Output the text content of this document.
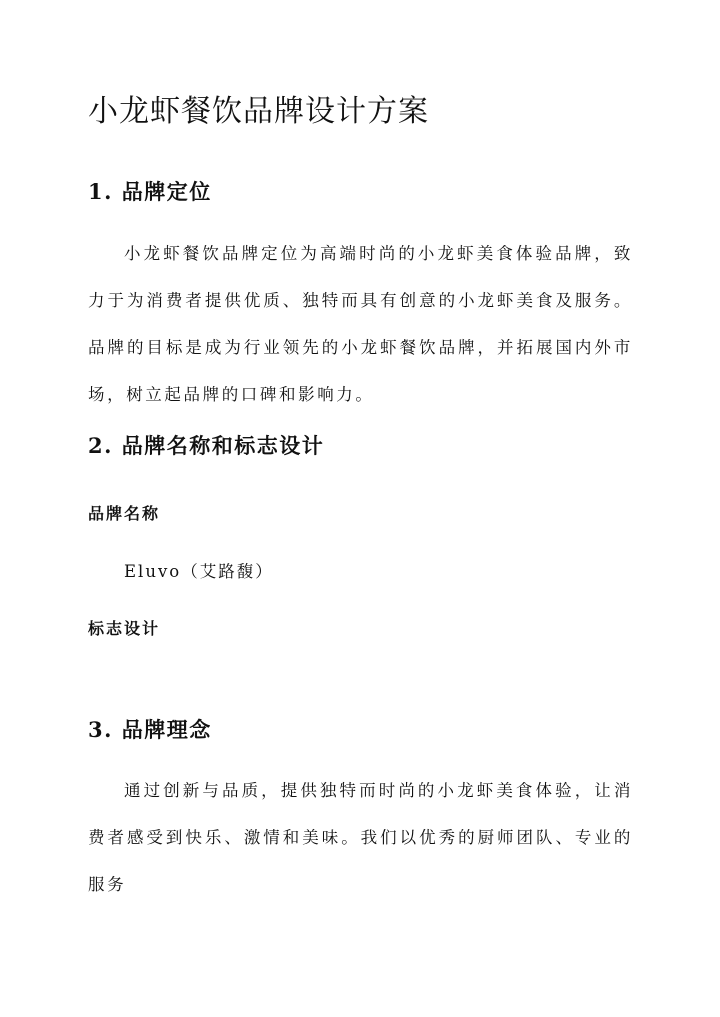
小龙虾餐饮品牌设计方案
1. 品牌定位

小龙虾餐饮品牌定位为高端时尚的小龙虾美食体验品牌，致力于为消费者提供优质、独特而具有创意的小龙虾美食及服务。品牌的目标是成为行业领先的小龙虾餐饮品牌，并拓展国内外市场，树立起品牌的口碑和影响力。

2. 品牌名称和标志设计
品牌名称

Eluvo（艾路馥）

标志设计
3. 品牌理念

通过创新与品质，提供独特而时尚的小龙虾美食体验，让消费者感受到快乐、激情和美味。我们以优秀的厨师团队、专业的服务
